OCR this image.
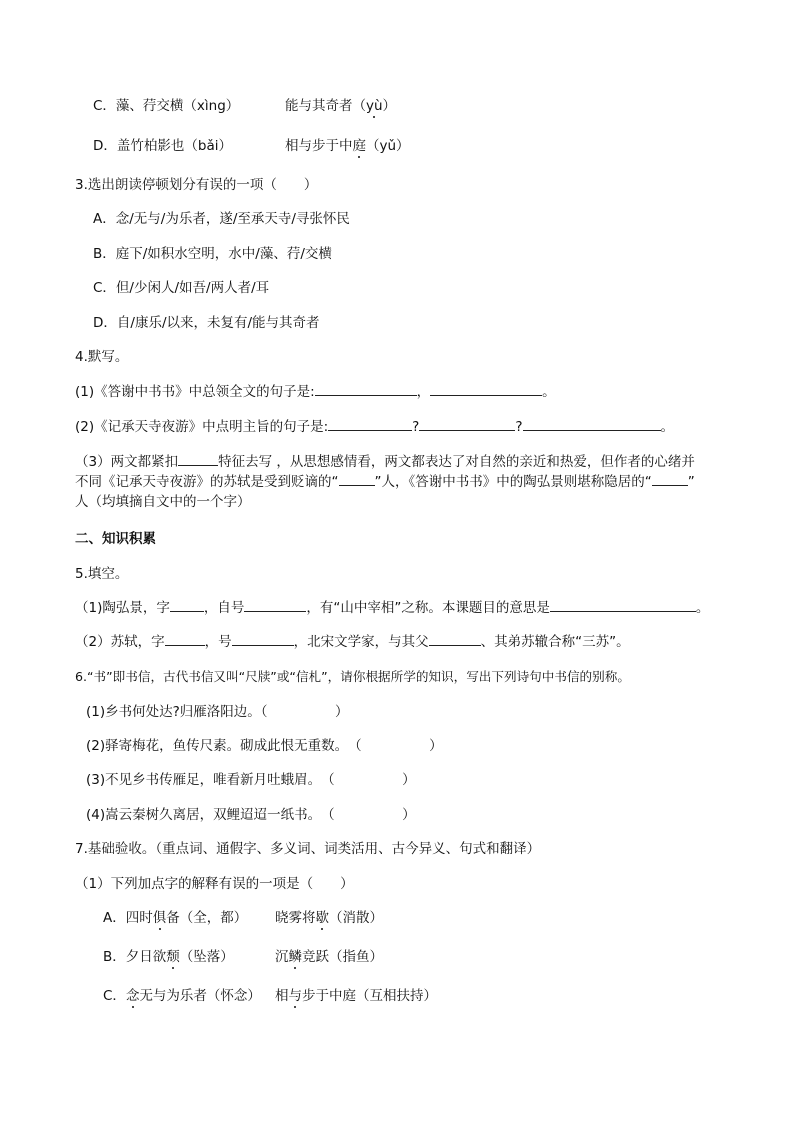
C．藻、荇交横（xìng）	能与其奇者（yù）
D．盖竹柏影也（bǎi）	相与步于中庭（yǔ）
3.选出朗读停顿划分有误的一项（　　）
A．念/无与/为乐者，遂/至承天寺/寻张怀民
B．庭下/如积水空明，水中/藻、荇/交横
C．但/少闲人/如吾/两人者/耳
D．自/康乐/以来，未复有/能与其奇者
4.默写。
(1)《答谢中书书》中总领全文的句子是:	，	。
(2)《记承天寺夜游》中点明主旨的句子是:	?	?	。
（3）两文都紧扣	特征去写 ，从思想感情看，两文都表达了对自然的亲近和热爱，但作者的心绪并
不同《记承天寺夜游》的苏轼是受到贬谪的“	”人，《答谢中书书》中的陶弘景则堪称隐居的“	”
人（均填摘自文中的一个字）
二、知识积累
5.填空。
（1)陶弘景，字	，自号	，有“山中宰相”之称。本课题目的意思是	。
（2）苏轼，字	，号	，北宋文学家，与其父	、其弟苏辙合称“三苏”。
6.“书”即书信，古代书信又叫“尺牍”或“信札”，请你根据所学的知识，写出下列诗句中书信的别称。
(1)乡书何处达?归雁洛阳边。（　　　　　）
(2)驿寄梅花，鱼传尺素。砌成此恨无重数。　（　　　　　）
(3)不见乡书传雁足，唯看新月吐蛾眉。　（　　　　　）
(4)嵩云秦树久离居，双鲤迢迢一纸书。　（　　　　　）
7.基础验收。（重点词、通假字、多义词、词类活用、古今异义、句式和翻译）
（1）下列加点字的解释有误的一项是（　　）
A．四时俱备（全，都） 晓雾将歇（消散）
B．夕日欲颓（坠落）	沉鳞竞跃（指鱼）
C．念无与为乐者（怀念） 相与步于中庭（互相扶持）
